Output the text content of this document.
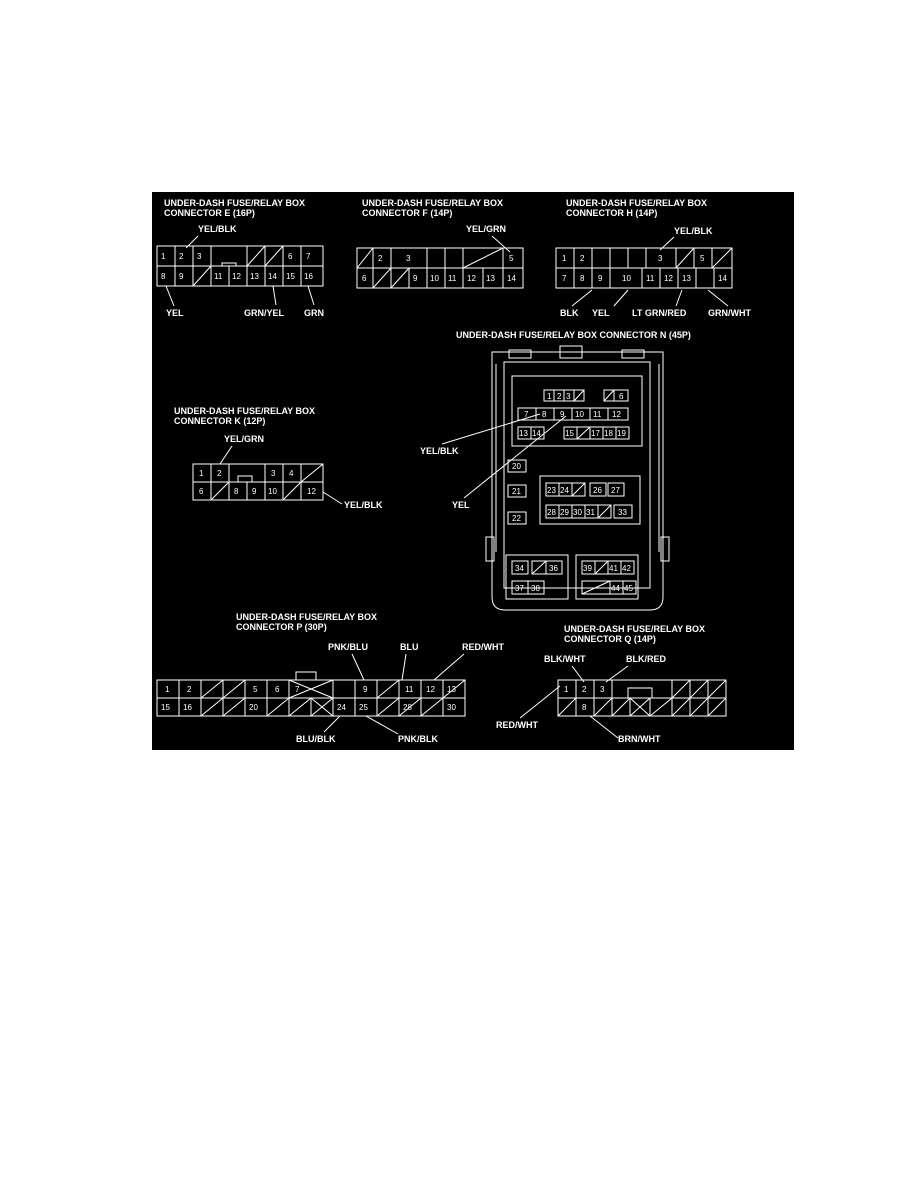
UNDER-DASH FUSE/RELAY BOX
CONNECTOR E (16P)
1 2 3	6 7
8 9	11 12 13 14 15 16
YEL/BLK
YEL	GRN/YEL GRN
UNDER-DASH FUSE/RELAY BOX
CONNECTOR F (14P)
2	3	5
6	9 10 11 12 13 14
YEL/GRN
UNDER-DASH FUSE/RELAY BOX
CONNECTOR H (14P)
1 2	3	5
7 8 9 10 11 12 13	14
YEL/BLK
BLK YEL LT GRN/RED GRN/WHT
UNDER-DASH FUSE/RELAY BOX CONNECTOR N (45P)
1 2 3	6
7 8 9 10 11 12
13 14	15 17 18 19
20
21
22
23 24	26 27
28 29 30 31	33
34	36
37 38
39 41 42
44 45
YEL/BLK
YEL
UNDER-DASH FUSE/RELAY BOX
CONNECTOR K (12P)
1 2	3 4
6	8 9 10	12
YEL/GRN
YEL/BLK
UNDER-DASH FUSE/RELAY BOX
CONNECTOR P (30P)
1 2	5 6 7	9	11 12 13
15 16	20	24 25	28	30
PNK/BLU	BLU	RED/WHT
BLU/BLK	PNK/BLK
UNDER-DASH FUSE/RELAY BOX
CONNECTOR Q (14P)
1 2 3
8
RED/WHT
BLK/WHT	BLK/RED
BRN/WHT
